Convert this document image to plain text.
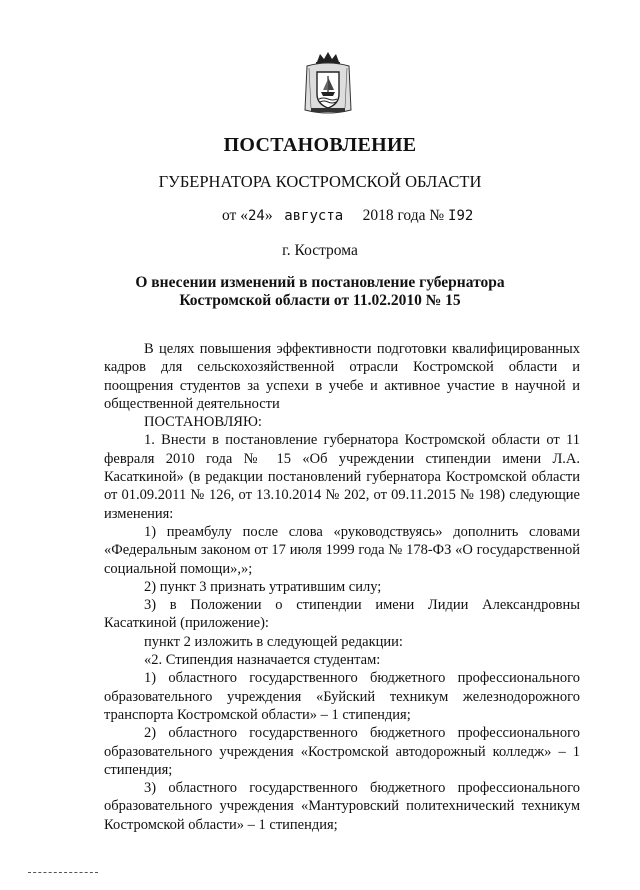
ПОСТАНОВЛЕНИЕ
ГУБЕРНАТОРА КОСТРОМСКОЙ ОБЛАСТИ
от «24» августа 2018 года № I92
г. Кострома
О внесении изменений в постановление губернатора
Костромской области от 11.02.2010 № 15

В целях повышения эффективности подготовки квалифицированных кадров для сельскохозяйственной отрасли Костромской области и поощрения студентов за успехи в учебе и активное участие в научной и общественной деятельности

ПОСТАНОВЛЯЮ:

1. Внести в постановление губернатора Костромской области от 11 февраля 2010 года № 15 «Об учреждении стипендии имени Л.А. Касаткиной» (в редакции постановлений губернатора Костромской области от 01.09.2011 № 126, от 13.10.2014 № 202, от 09.11.2015 № 198) следующие изменения:

1) преамбулу после слова «руководствуясь» дополнить словами «Федеральным законом от 17 июля 1999 года № 178-ФЗ «О государственной социальной помощи»,»;

2) пункт 3 признать утратившим силу;

3) в Положении о стипендии имени Лидии Александровны Касаткиной (приложение):

пункт 2 изложить в следующей редакции:

«2. Стипендия назначается студентам:

1) областного государственного бюджетного профессионального образовательного учреждения «Буйский техникум железнодорожного транспорта Костромской области» – 1 стипендия;

2) областного государственного бюджетного профессионального образовательного учреждения «Костромской автодорожный колледж» – 1 стипендия;

3) областного государственного бюджетного профессионального образовательного учреждения «Мантуровский политехнический техникум Костромской области» – 1 стипендия;
